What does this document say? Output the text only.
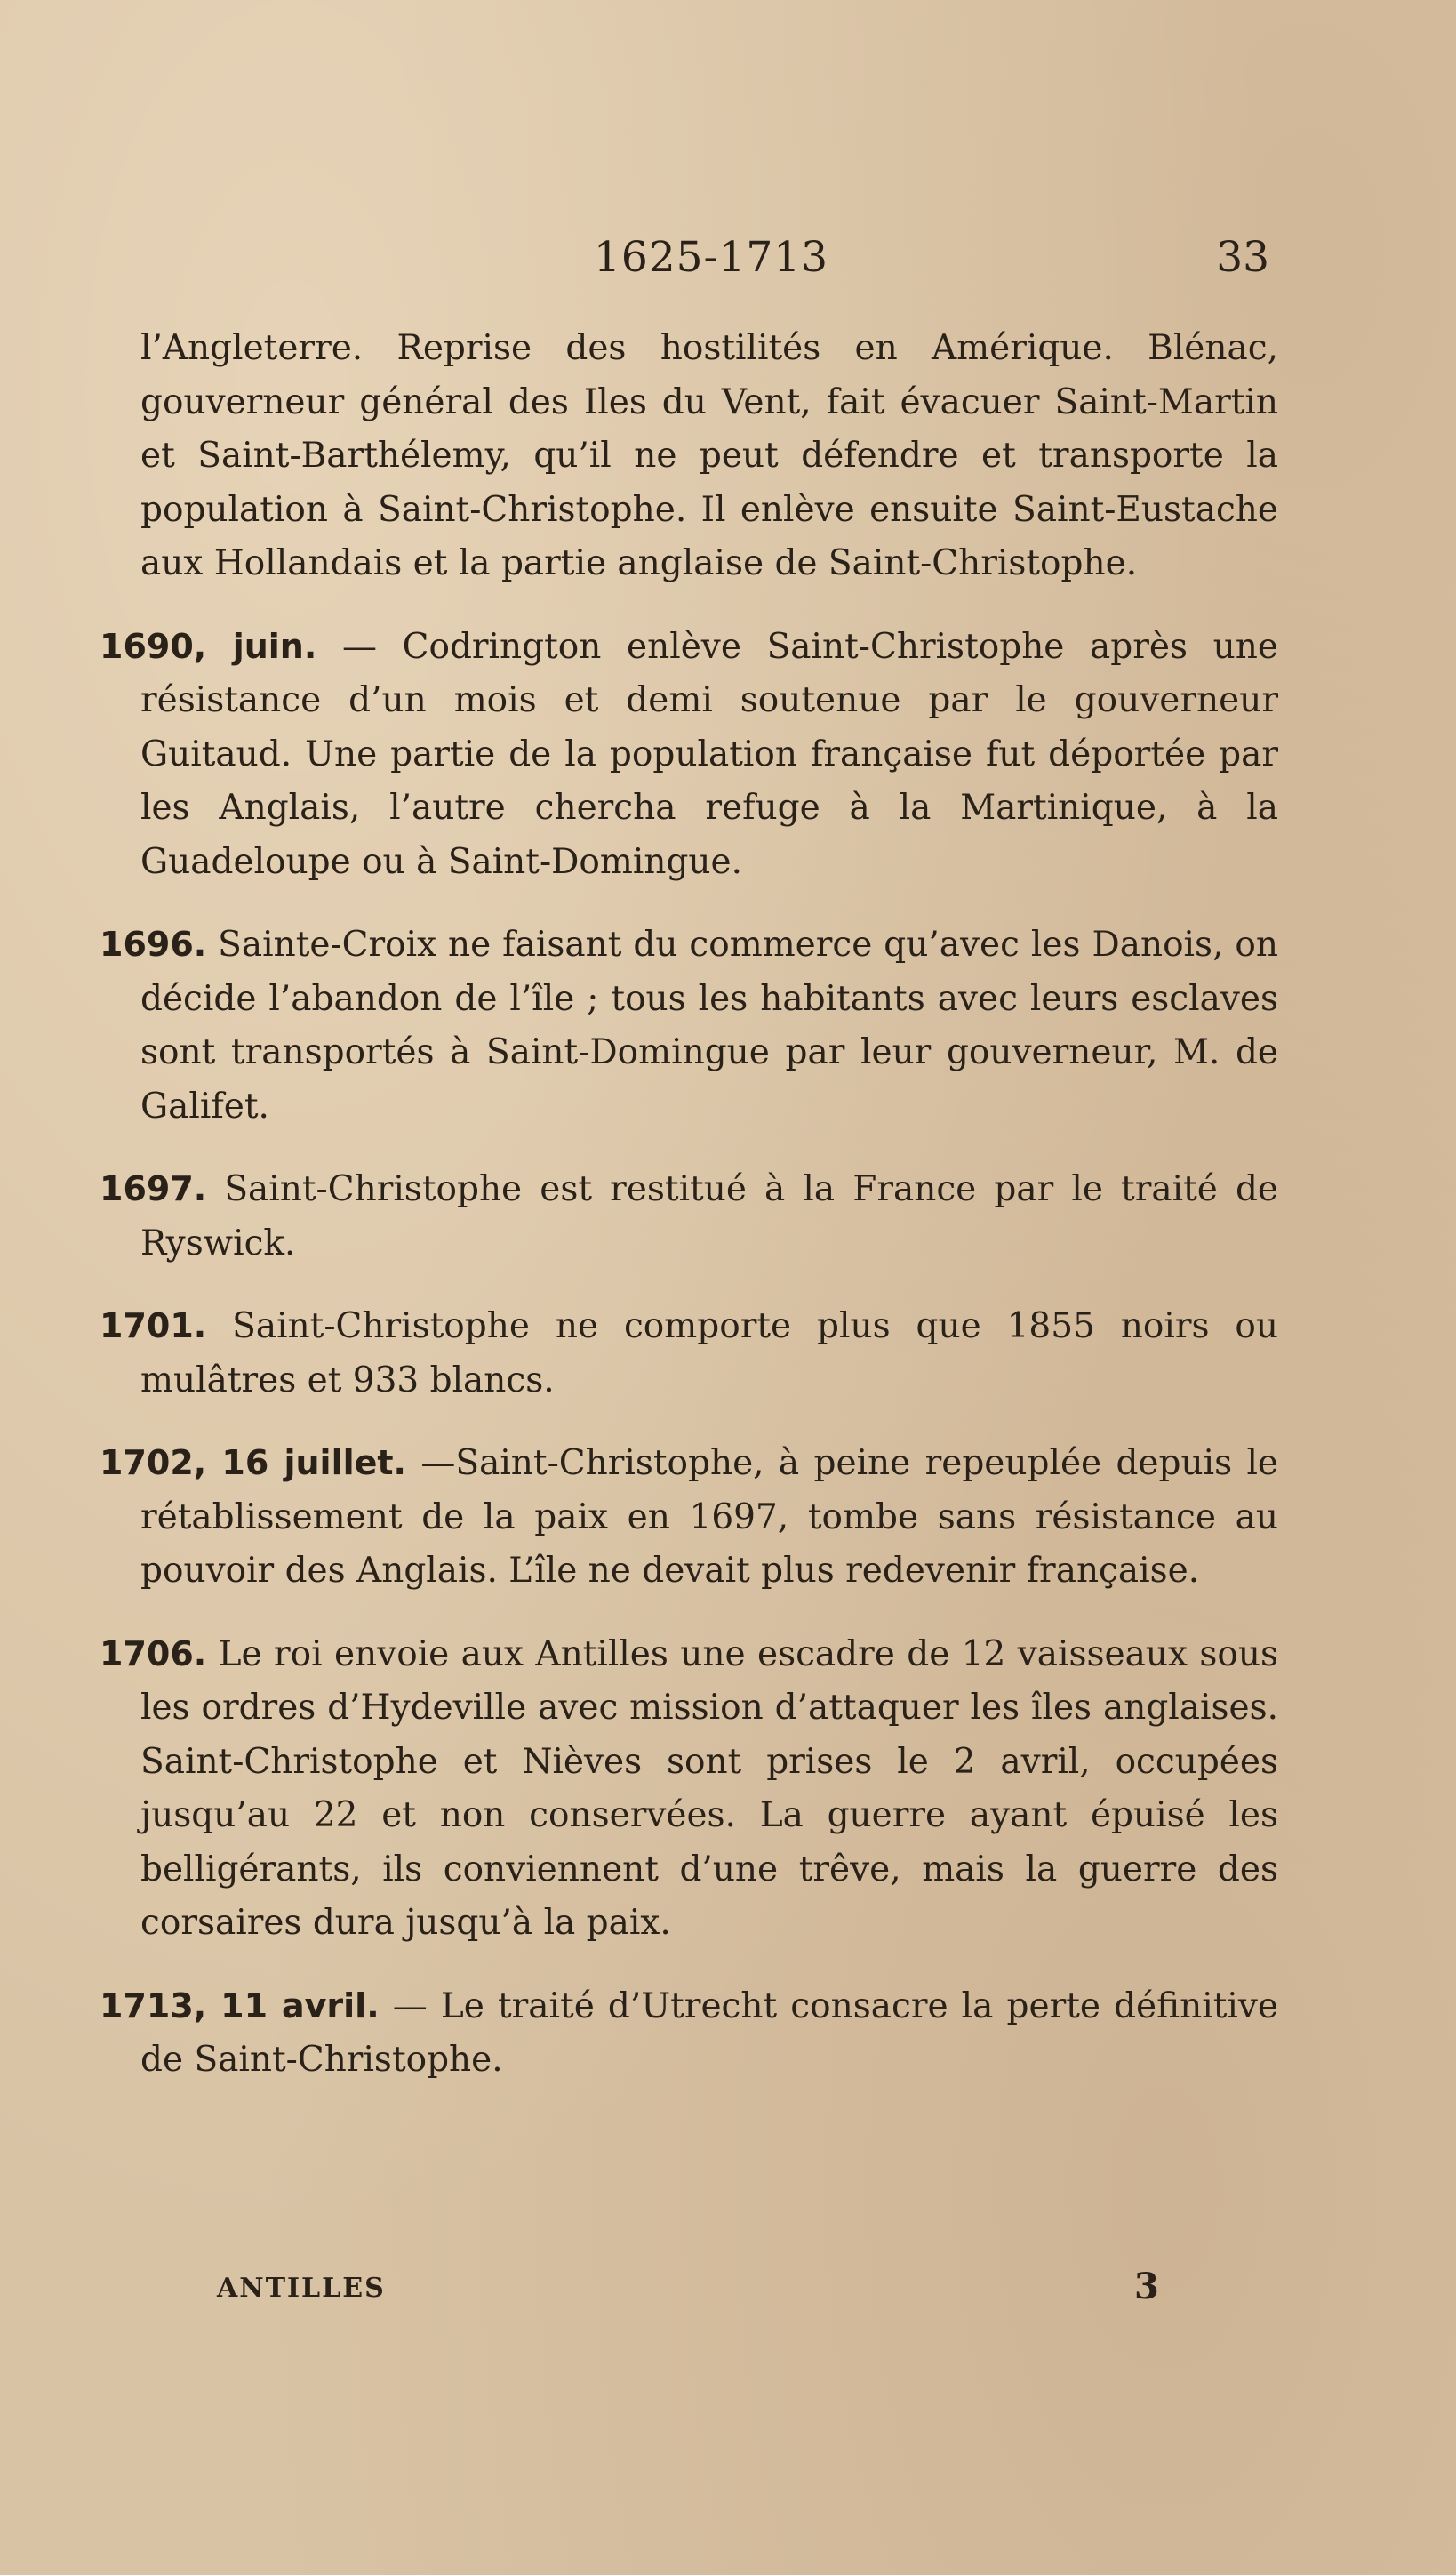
1625-1713	33

l’Angleterre. Reprise des hostilités en Amérique. Blénac, gouverneur général des Iles du Vent, fait évacuer Saint-Martin et Saint-Barthélemy, qu’il ne peut défendre et transporte la population à Saint-Christophe. Il enlève ensuite Saint-Eustache aux Hollandais et la partie anglaise de Saint-Christophe.

1690, juin. — Codrington enlève Saint-Christophe après une résistance d’un mois et demi soutenue par le gouverneur Guitaud. Une partie de la population française fut déportée par les Anglais, l’autre chercha refuge à la Martinique, à la Guadeloupe ou à Saint-Domingue.

1696. Sainte-Croix ne faisant du commerce qu’avec les Danois, on décide l’abandon de l’île ; tous les habitants avec leurs esclaves sont transportés à Saint-Domingue par leur gouverneur, M. de Galifet.

1697. Saint-Christophe est restitué à la France par le traité de Ryswick.

1701. Saint-Christophe ne comporte plus que 1855 noirs ou mulâtres et 933 blancs.

1702, 16 juillet. —Saint-Christophe, à peine repeuplée depuis le rétablissement de la paix en 1697, tombe sans résistance au pouvoir des Anglais. L’île ne devait plus redevenir française.

1706. Le roi envoie aux Antilles une escadre de 12 vaisseaux sous les ordres d’Hydeville avec mission d’attaquer les îles anglaises. Saint-Christophe et Nièves sont prises le 2 avril, occupées jusqu’au 22 et non conservées. La guerre ayant épuisé les belligérants, ils conviennent d’une trêve, mais la guerre des corsaires dura jusqu’à la paix.

1713, 11 avril. — Le traité d’Utrecht consacre la perte définitive de Saint-Christophe.

ANTILLES	3
